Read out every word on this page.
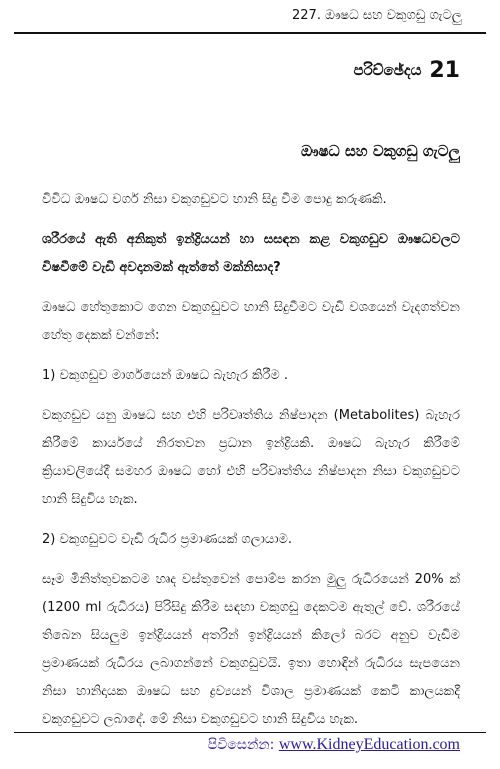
227. ඖෂධ සහ වකුගඩු ගැටලු
පරිච්ඡේදය 21
ඖෂධ සහ වකුගඩු ගැටලු

විවිධ ඖෂධ වර්ග නිසා වකුගඩුවට හානි සිදු වීම පොදු කරුණකි.

ශරීරයේ ඇති අනිකුත් ඉන්ද්‍රියයන් හා සසඳන කළ වකුගඩුව ඖෂධවලට විෂවීමේ වැඩි අවදානමක් ඇත්තේ මක්නිසාද?

ඖෂධ හේතුකොට ගෙන වකුගඩුවට හානි සිදුවීමට වැඩි වශයෙන් වැදගත්වන හේතු දෙකක් වන්නේ:

1) වකුගඩුව මාර්ගයෙන් ඖෂධ බැහැර කිරීම .

වකුගඩුව යනු ඖෂධ සහ එහි පරිවෘත්තිය නිෂ්පාදන (Metabolites) බැහැර කිරීමේ කාර්යයේ නිරතවන ප්‍රධාන ඉන්ද්‍රියකි. ඖෂධ බැහැර කිරීමේ ක්‍රියාවලියේදී සමහර ඖෂධ හෝ එහි පරිවෘත්තිය නිෂ්පාදන නිසා වකුගඩුවට හානි සිදුවිය හැක.

2) වකුගඩුවට වැඩි රුධිර ප්‍රමාණයක් ගලායාම.

සෑම මිනිත්තුවකටම හෘද වස්තුවෙන් පොම්ප කරන මුලු රුධිරයෙන් 20% ක් (1200 ml රුධිරය) පිරිසිදු කිරීම සඳහා වකුගඩු දෙකටම ඇතුල් වේ. ශරීරයේ තිබෙන සියලුම ඉන්ද්‍රියයන් අතරින් ඉන්ද්‍රියයන් කිලෝ බරට අනුව වැඩිම ප්‍රමාණයක් රුධිරය ලබාගන්නේ වකුගඩුවයි. ඉතා හොඳින් රුධිරය සැපයෙන නිසා හානිදායක ඖෂධ සහ ද්‍රව්‍යයන් විශාල ප්‍රමාණයක් කෙටි කාලයකදී වකුගඩුවට ලබාදේ. මේ නිසා වකුගඩුවට හානි සිදුවිය හැක.

පිවිසෙන්න: www.KidneyEducation.com
